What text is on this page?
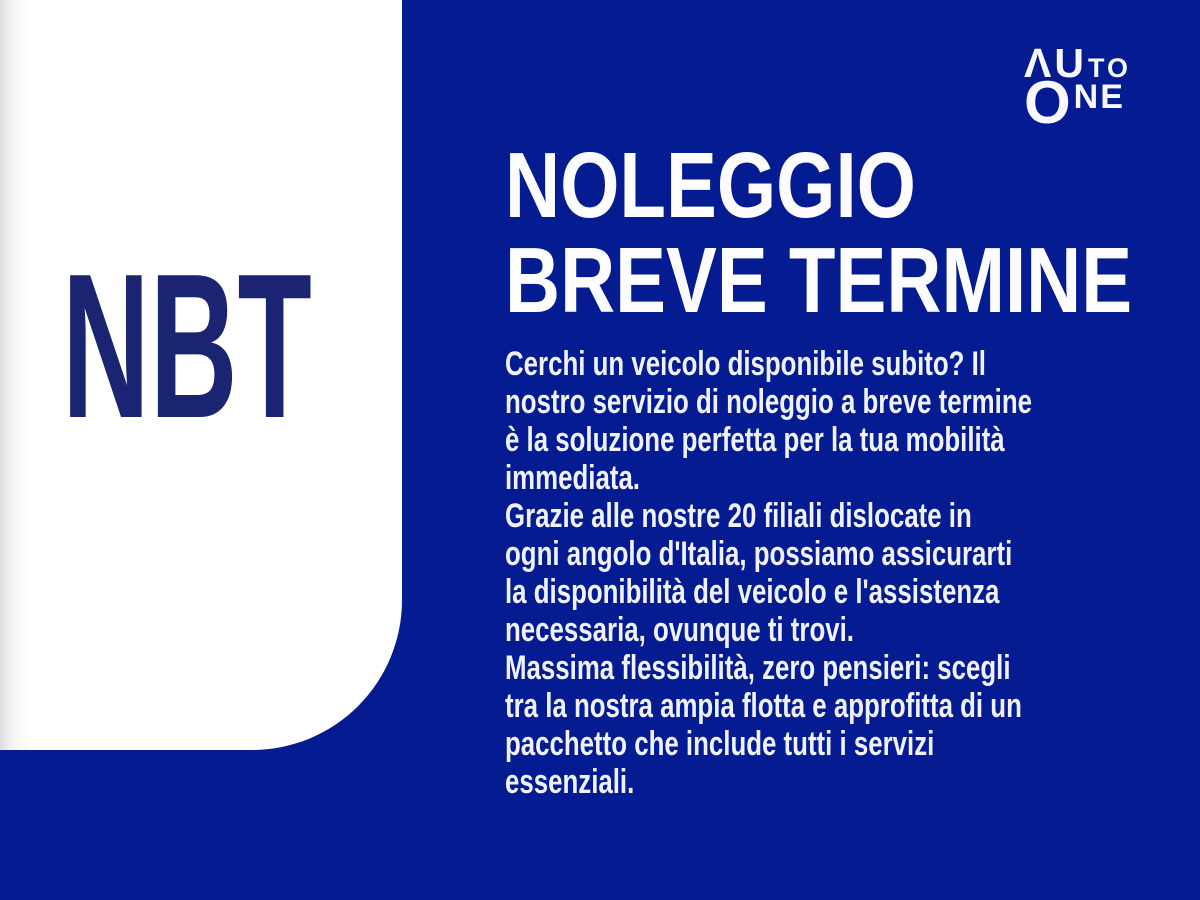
NBT
ΛU TO
O NE
NOLEGGIO
BREVE TERMINE
Cerchi un veicolo disponibile subito? Il
nostro servizio di noleggio a breve termine
è la soluzione perfetta per la tua mobilità
immediata.
Grazie alle nostre 20 filiali dislocate in
ogni angolo d'Italia, possiamo assicurarti
la disponibilità del veicolo e l'assistenza
necessaria, ovunque ti trovi.
Massima flessibilità, zero pensieri: scegli
tra la nostra ampia flotta e approfitta di un
pacchetto che include tutti i servizi
essenziali.
